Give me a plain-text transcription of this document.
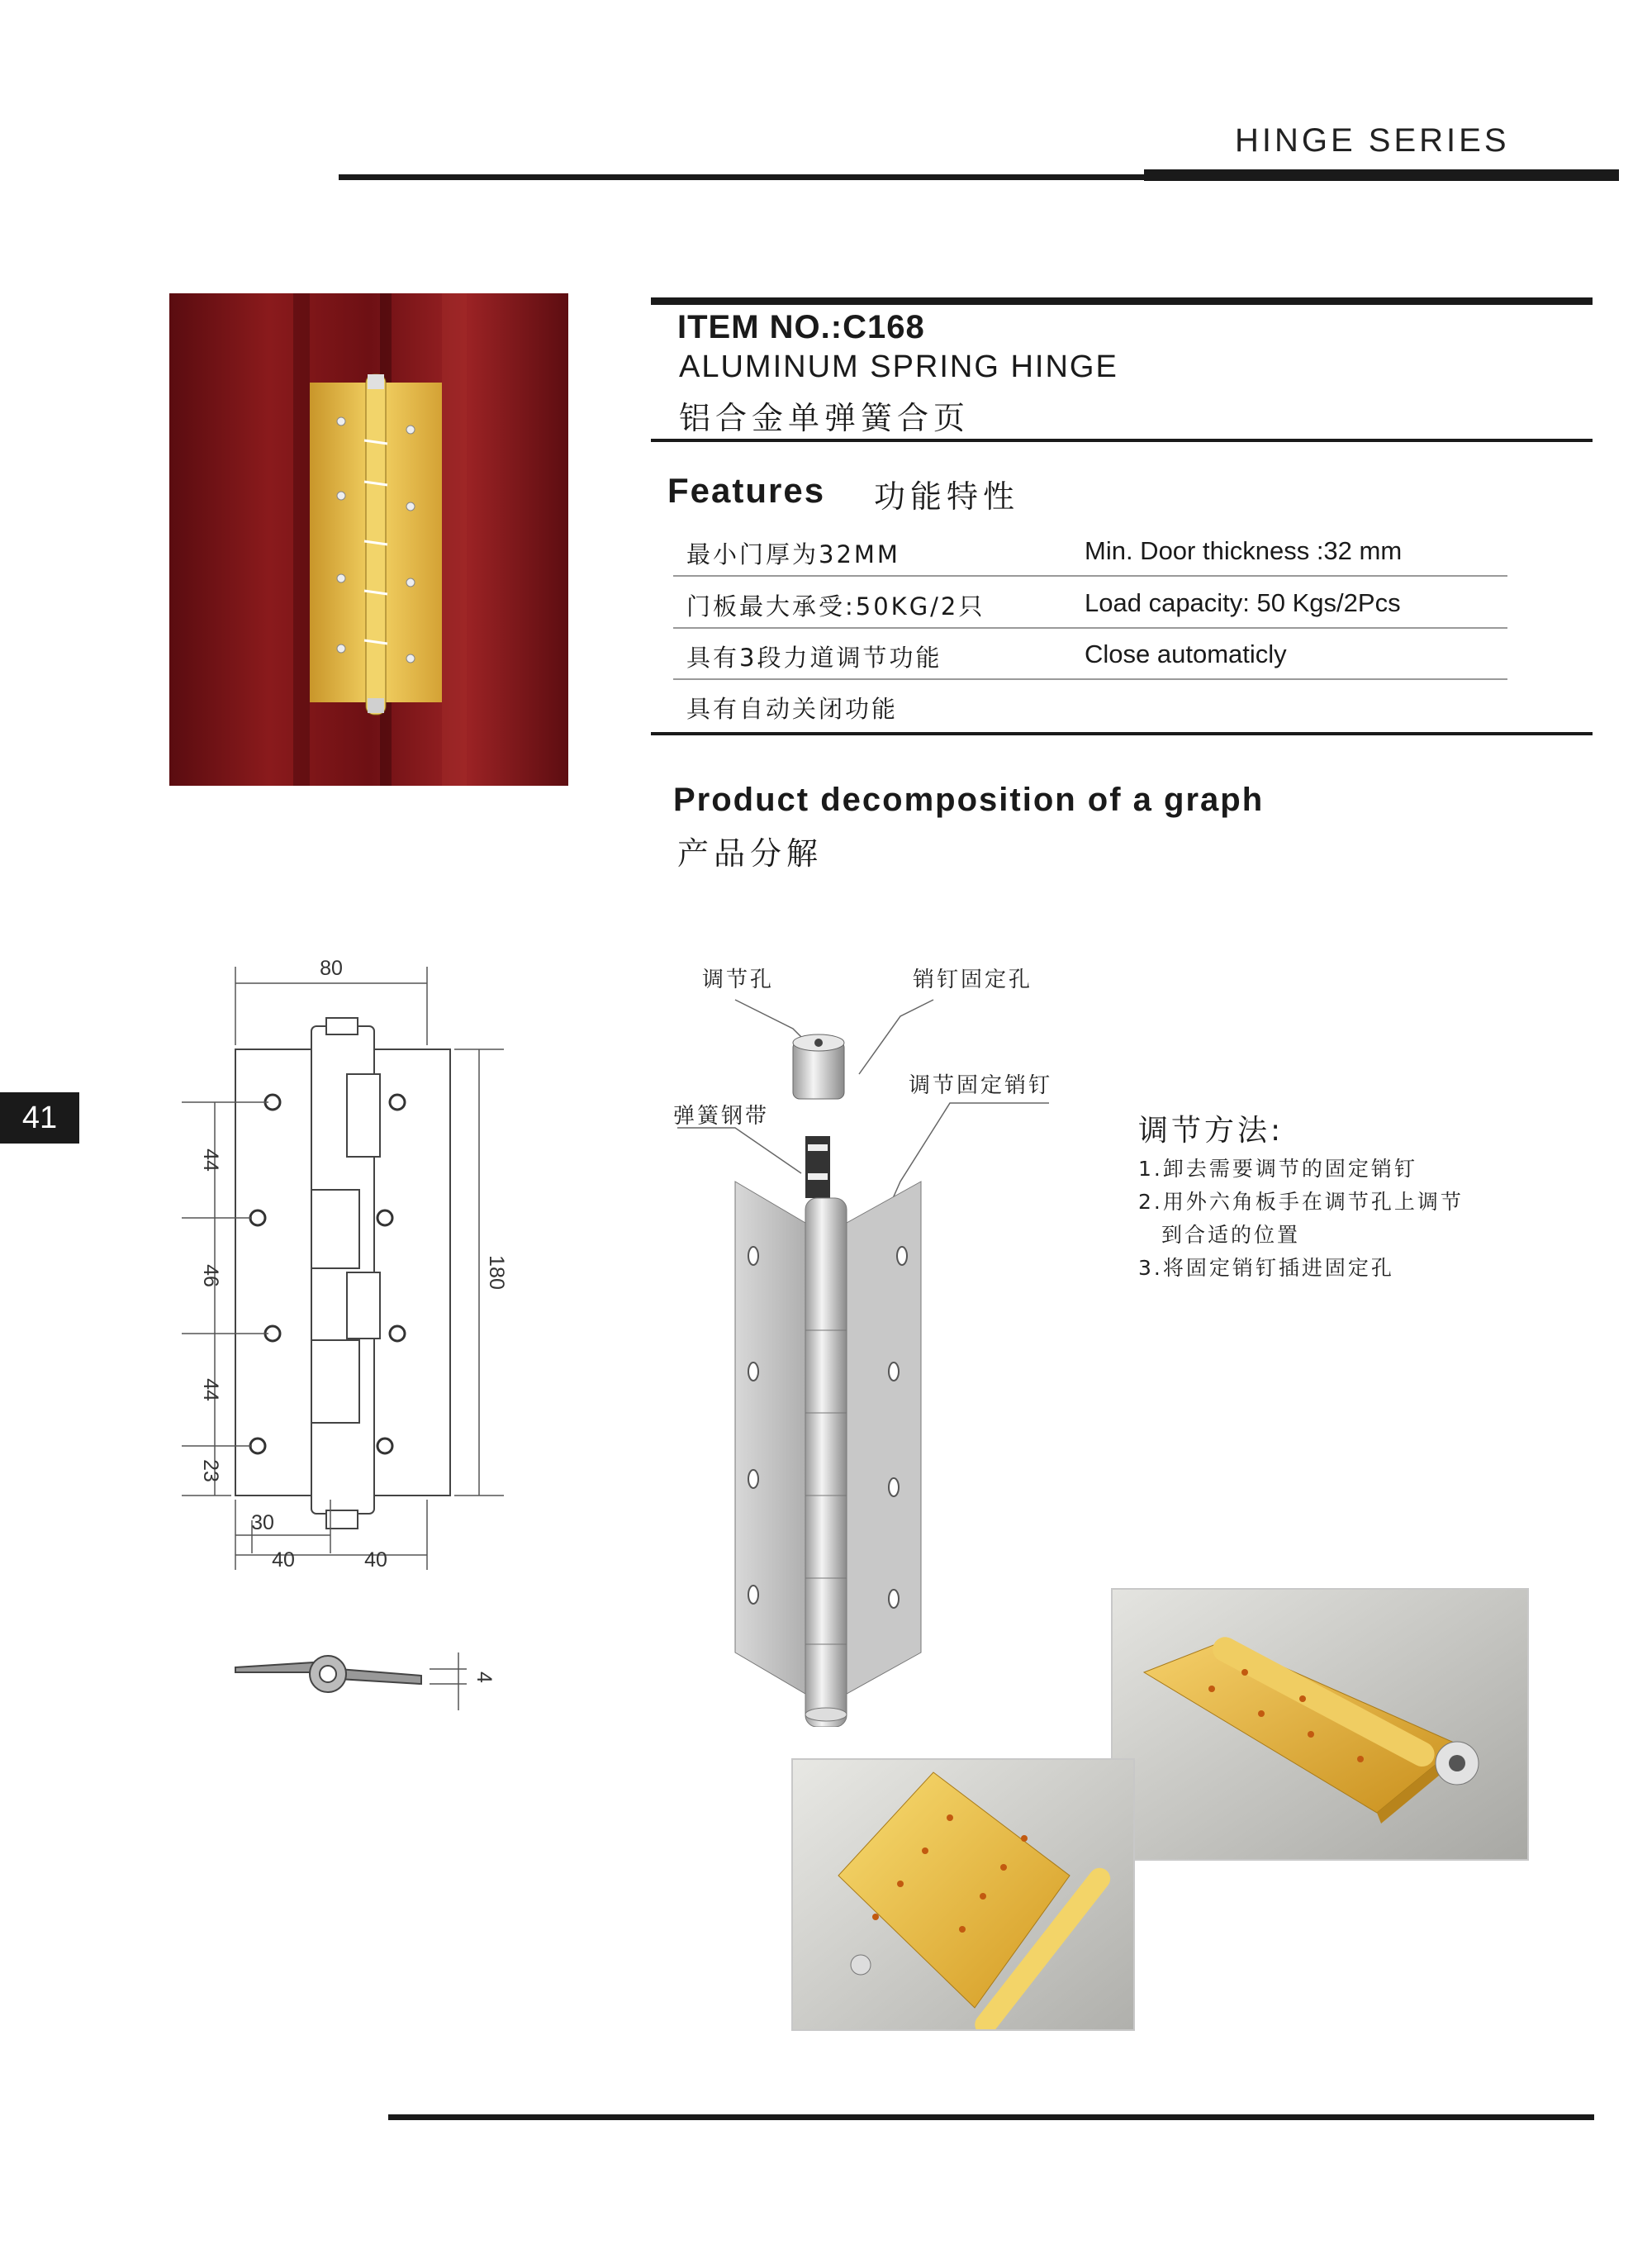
HINGE SERIES
41
ITEM NO.:C168
ALUMINUM SPRING HINGE
铝合金单弹簧合页
Features 功能特性
最小门厚为32MM	Min. Door thickness :32 mm
门板最大承受:50KG/2只	Load capacity: 50 Kgs/2Pcs
具有3段力道调节功能	Close automaticly
具有自动关闭功能
Product decomposition of a graph
产品分解
80
180
44
46
44
23
30
40	40
4
调节孔	销钉固定孔
调节固定销钉
弹簧钢带	调节方法:
1.卸去需要调节的固定销钉
2.用外六角板手在调节孔上调节
到合适的位置
3.将固定销钉插进固定孔
